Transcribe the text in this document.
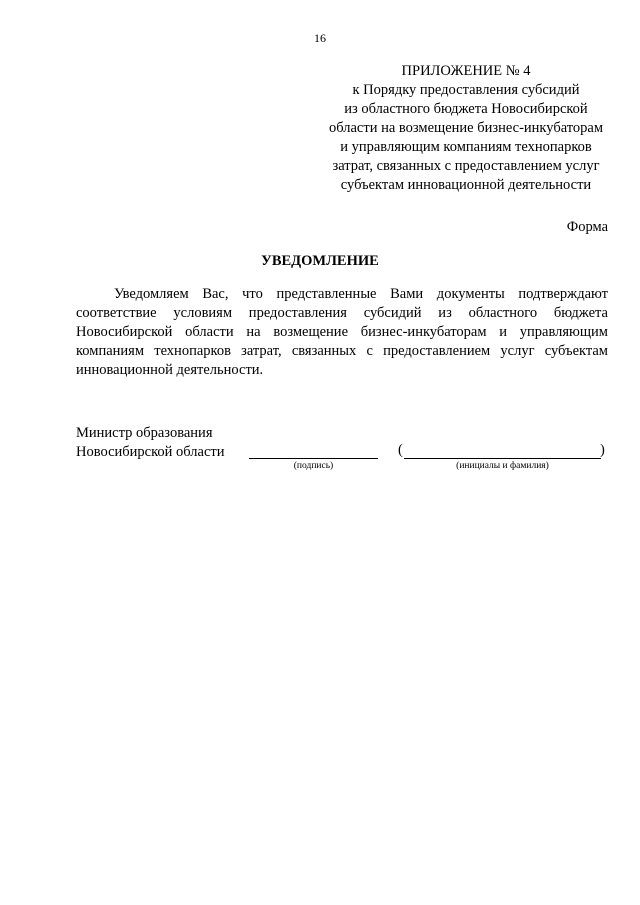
16
ПРИЛОЖЕНИЕ № 4
к Порядку предоставления субсидий
из областного бюджета Новосибирской
области на возмещение бизнес-инкубаторам
и управляющим компаниям технопарков
затрат, связанных с предоставлением услуг
субъектам инновационной деятельности
Форма
УВЕДОМЛЕНИЕ

Уведомляем Вас, что представленные Вами документы подтверждают соответствие условиям предоставления субсидий из областного бюджета Новосибирской области на возмещение бизнес-инкубаторам и управляющим компаниям технопарков затрат, связанных с предоставлением услуг субъектам инновационной деятельности.

Министр образования
Новосибирской области
(подпись)
(	)
(инициалы и фамилия)
